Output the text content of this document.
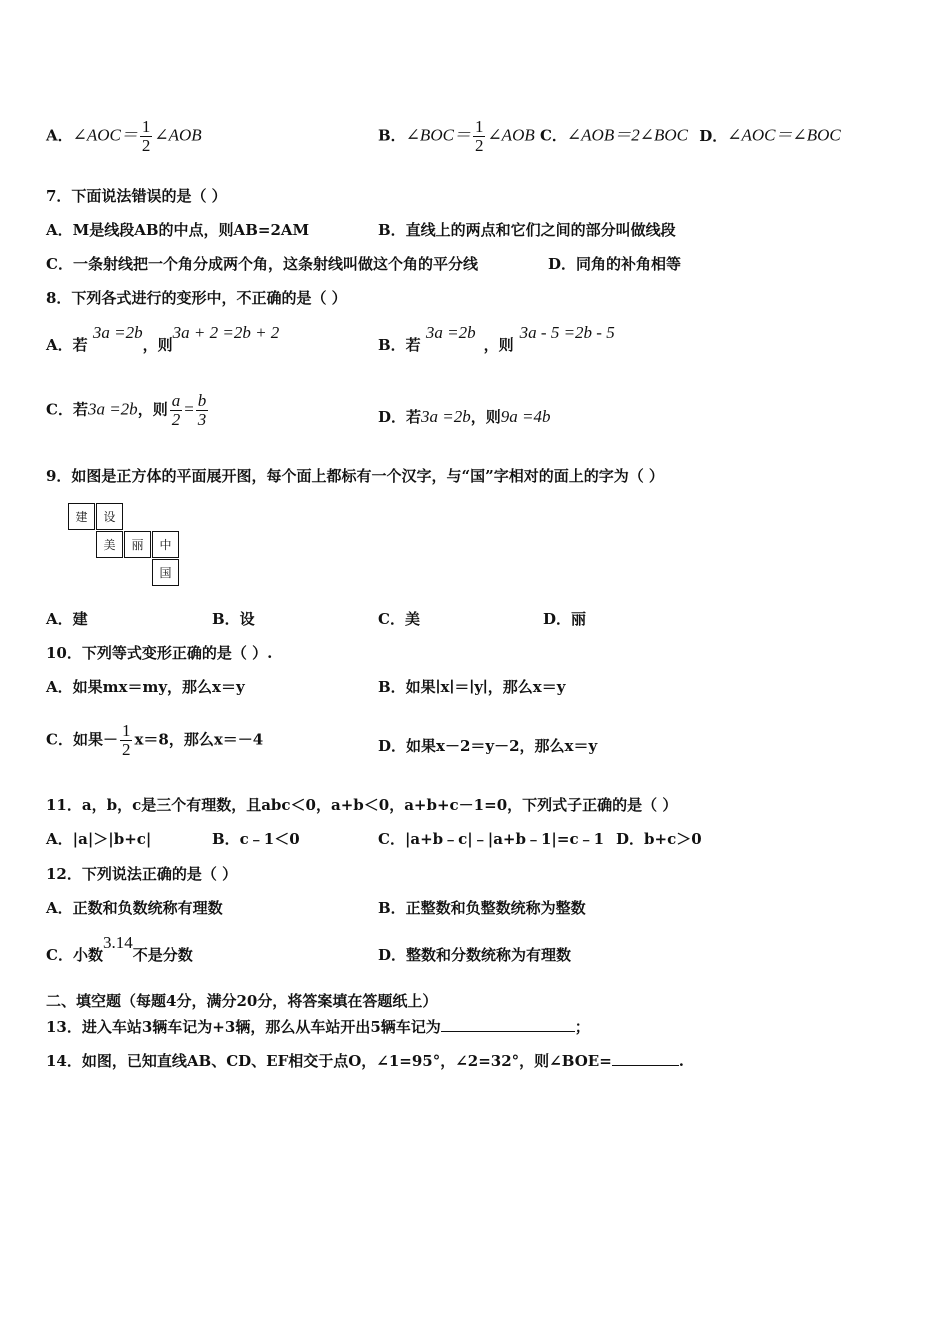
A．∠AOC＝ $\frac{1}{2}$ ∠AOB	B．∠BOC＝ $\frac{1}{2}$ ∠AOB C．∠AOB＝2∠BOC D．∠AOC＝∠BOC
7．下面说法错误的是（ ）
A．M是线段AB的中点，则AB=2AM	B．直线上的两点和它们之间的部分叫做线段
C．一条射线把一个角分成两个角，这条射线叫做这个角的平分线	D．同角的补角相等
8．下列各式进行的变形中，不正确的是（ ）
A．若 3a =2b，则3a + 2 =2b + 2
B．若 3a =2b，则3a - 5 =2b - 5
C．若3a =2b，则 $\frac{a}{2} = \frac{b}{3}$	D．若3a =2b，则9a =4b
9．如图是正方体的平面展开图，每个面上都标有一个汉字，与“国”字相对的面上的字为（ ）
建	设
美	丽	中
国
A．建	B．设	C．美	D．丽
10．下列等式变形正确的是（ ）.
A．如果mx＝my，那么x＝y	B．如果∣x∣＝∣y∣，那么x＝y
C．如果－ $\frac{1}{2} x=8$，那么x＝－4	D．如果x－2＝y－2，那么x＝y
11．a，b，c是三个有理数，且abc＜0，a+b＜0，a+b+c－1=0，下列式子正确的是（ ）
A．|a|＞|b+c|	B．c﹣1＜0	C．|a+b﹣c|﹣|a+b﹣1|=c﹣1 D．b+c＞0
12．下列说法正确的是（ ）
A．正数和负数统称有理数	B．正整数和负整数统称为整数
C．小数3.14不是分数	D．整数和分数统称为有理数
二、填空题（每题4分，满分20分，将答案填在答题纸上）
13．进入车站3辆车记为+3辆，那么从车站开出5辆车记为	；
14．如图，已知直线AB、CD、EF相交于点O，∠1=95°，∠2=32°，则∠BOE=	.
